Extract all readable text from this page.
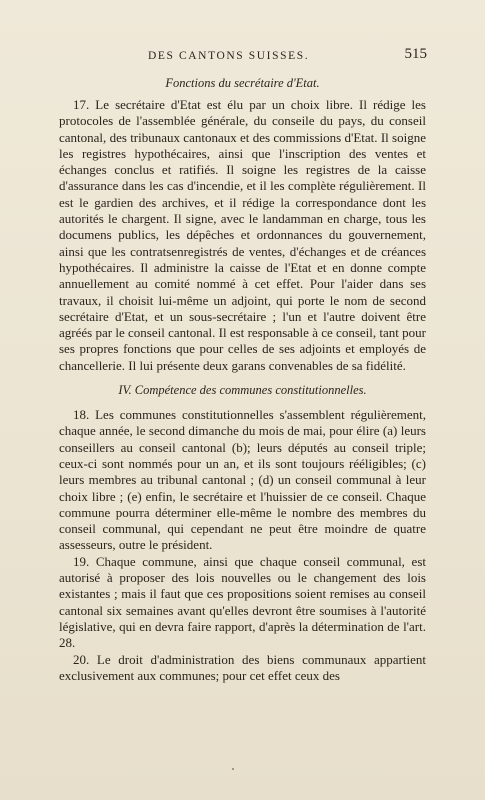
DES CANTONS SUISSES.	515
Fonctions du secrétaire d'Etat.

17. Le secrétaire d'Etat est élu par un choix libre. Il rédige les protocoles de l'assemblée générale, du conseile du pays, du conseil cantonal, des tribunaux cantonaux et des commissions d'Etat. Il soigne les registres hypothécaires, ainsi que l'inscription des ventes et échanges conclus et ratifiés. Il soigne les registres de la caisse d'assurance dans les cas d'incendie, et il les complète régulièrement. Il est le gardien des archives, et il rédige la correspondance dont les autorités le chargent. Il signe, avec le landamman en charge, tous les documens publics, les dépêches et ordonnances du gouvernement, ainsi que les contratsenregistrés de ventes, d'échanges et de créances hypothécaires. Il administre la caisse de l'Etat et en donne compte annuellement au comité nommé à cet effet. Pour l'aider dans ses travaux, il choisit lui-même un adjoint, qui porte le nom de second secrétaire d'Etat, et un sous-secrétaire ; l'un et l'autre doivent être agréés par le conseil cantonal. Il est responsable à ce conseil, tant pour ses propres fonctions que pour celles de ses adjoints et employés de chancellerie. Il lui présente deux garans convenables de sa fidélité.

IV. Compétence des communes constitutionnelles.

18. Les communes constitutionnelles s'assemblent régulièrement, chaque année, le second dimanche du mois de mai, pour élire (a) leurs conseillers au conseil cantonal (b); leurs députés au conseil triple; ceux-ci sont nommés pour un an, et ils sont toujours rééligibles; (c) leurs membres au tribunal cantonal ; (d) un conseil communal à leur choix libre ; (e) enfin, le secrétaire et l'huissier de ce conseil. Chaque commune pourra déterminer elle-même le nombre des membres du conseil communal, qui cependant ne peut être moindre de quatre assesseurs, outre le président.

19. Chaque commune, ainsi que chaque conseil communal, est autorisé à proposer des lois nouvelles ou le changement des lois existantes ; mais il faut que ces propositions soient remises au conseil cantonal six semaines avant qu'elles devront être soumises à l'autorité législative, qui en devra faire rapport, d'après la détermination de l'art. 28.

20. Le droit d'administration des biens communaux appartient exclusivement aux communes; pour cet effet ceux des
